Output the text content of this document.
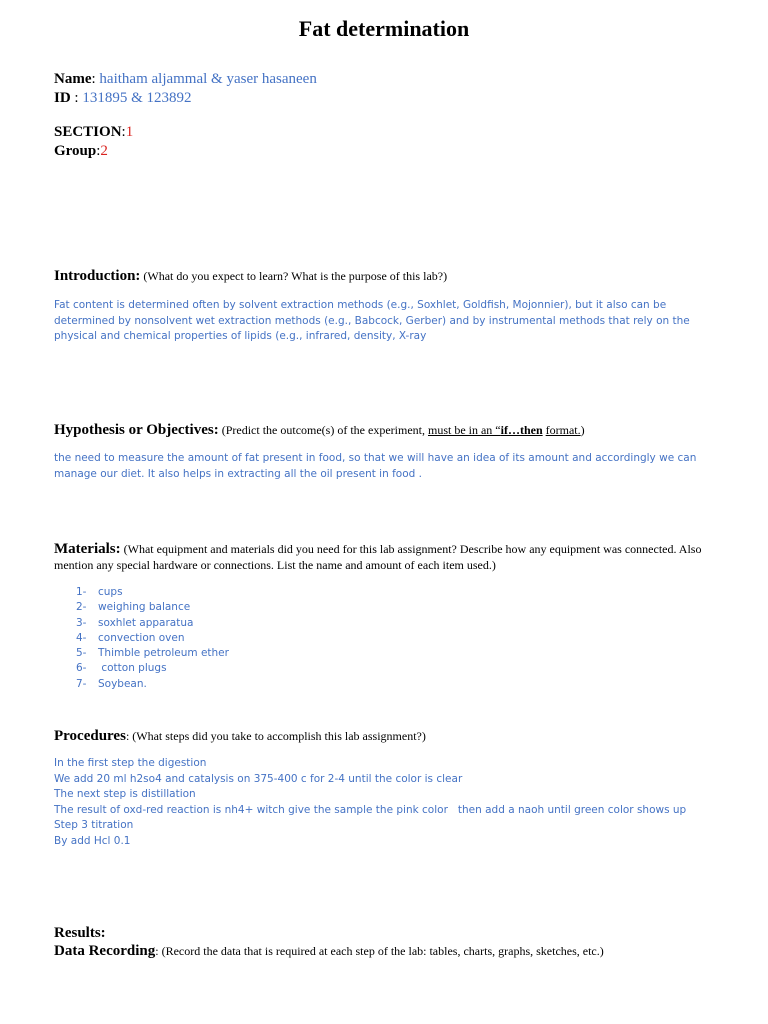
Fat determination
Name: haitham aljammal & yaser hasaneen
ID : 131895 & 123892
SECTION:1
Group:2
Introduction: (What do you expect to learn? What is the purpose of this lab?)
Fat content is determined often by solvent extraction methods (e.g., Soxhlet, Goldfish, Mojonnier), but it also can be determined by nonsolvent wet extraction methods (e.g., Babcock, Gerber) and by instrumental methods that rely on the physical and chemical properties of lipids (e.g., infrared, density, X-ray
Hypothesis or Objectives: (Predict the outcome(s) of the experiment, must be in an “if…then format.)
the need to measure the amount of fat present in food, so that we will have an idea of its amount and accordingly we can manage our diet. It also helps in extracting all the oil present in food .
Materials: (What equipment and materials did you need for this lab assignment? Describe how any equipment was connected. Also mention any special hardware or connections. List the name and amount of each item used.)
1-	cups
2-	weighing balance
3-	soxhlet apparatua
4-	convection oven
5-	Thimble petroleum ether
6-	cotton plugs
7-	Soybean.
Procedures: (What steps did you take to accomplish this lab assignment?)
In the first step the digestion
We add 20 ml h2so4 and catalysis on 375-400 c for 2-4 until the color is clear
The next step is distillation
The result of oxd-red reaction is nh4+ witch give the sample the pink color   then add a naoh until green color shows up
Step 3 titration
By add Hcl 0.1
Results:
Data Recording: (Record the data that is required at each step of the lab: tables, charts, graphs, sketches, etc.)
